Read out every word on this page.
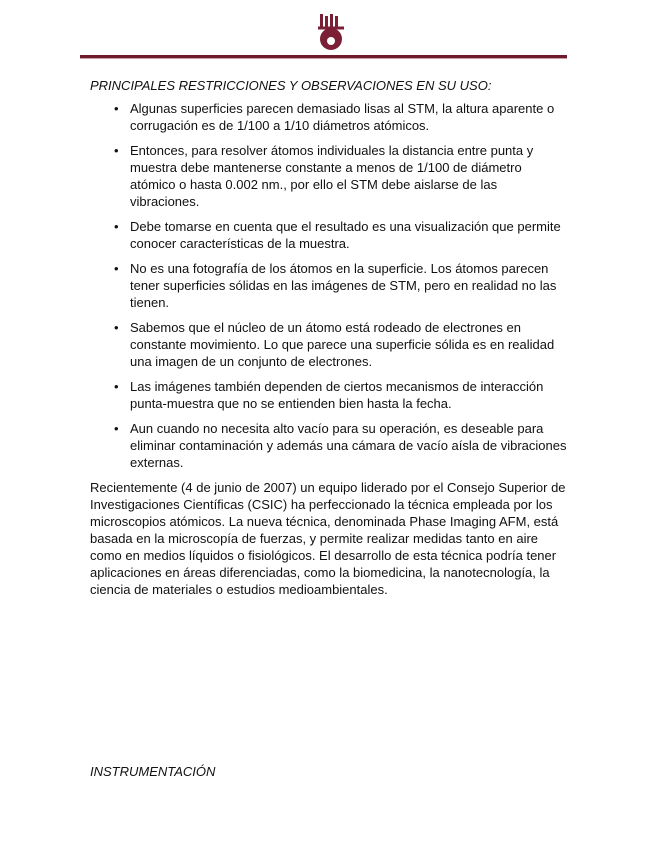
PRINCIPALES RESTRICCIONES Y OBSERVACIONES EN SU USO:
• Algunas superficies parecen demasiado lisas al STM, la altura aparente o corrugación es de 1/100 a 1/10 diámetros atómicos.
• Entonces, para resolver átomos individuales la distancia entre punta y muestra debe mantenerse constante a menos de 1/100 de diámetro atómico o hasta 0.002 nm., por ello el STM debe aislarse de las vibraciones.
• Debe tomarse en cuenta que el resultado es una visualización que permite conocer características de la muestra.
• No es una fotografía de los átomos en la superficie. Los átomos parecen tener superficies sólidas en las imágenes de STM, pero en realidad no las tienen.
• Sabemos que el núcleo de un átomo está rodeado de electrones en constante movimiento. Lo que parece una superficie sólida es en realidad una imagen de un conjunto de electrones.
• Las imágenes también dependen de ciertos mecanismos de interacción punta-muestra que no se entienden bien hasta la fecha.
• Aun cuando no necesita alto vacío para su operación, es deseable para eliminar contaminación y además una cámara de vacío aísla de vibraciones externas.
Recientemente (4 de junio de 2007) un equipo liderado por el Consejo Superior de Investigaciones Científicas (CSIC) ha perfeccionado la técnica empleada por los microscopios atómicos. La nueva técnica, denominada Phase Imaging AFM, está basada en la microscopía de fuerzas, y permite realizar medidas tanto en aire como en medios líquidos o fisiológicos. El desarrollo de esta técnica podría tener aplicaciones en áreas diferenciadas, como la biomedicina, la nanotecnología, la ciencia de materiales o estudios medioambientales.
INSTRUMENTACIÓN
